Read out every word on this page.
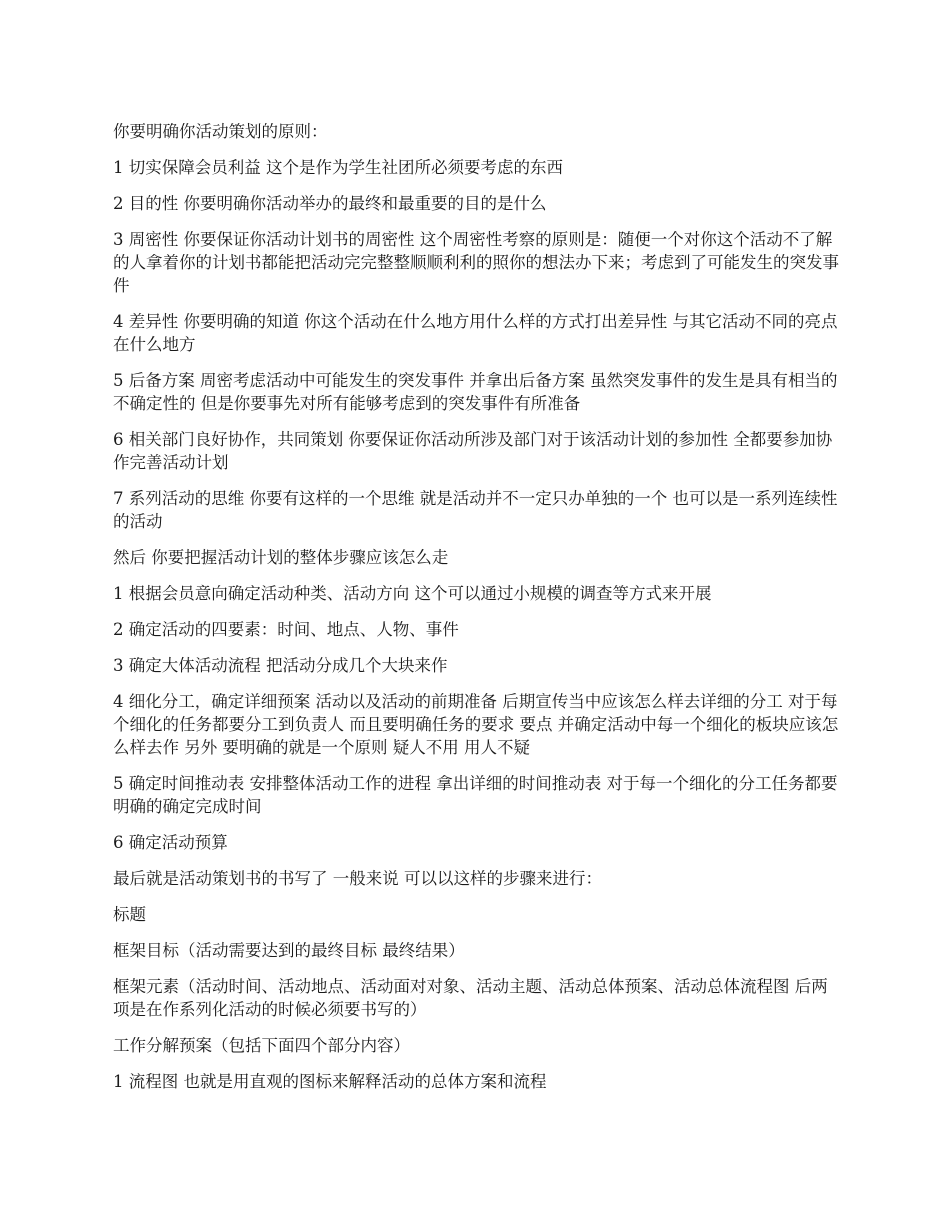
你要明确你活动策划的原则：

1 切实保障会员利益 这个是作为学生社团所必须要考虑的东西

2 目的性 你要明确你活动举办的最终和最重要的目的是什么

3 周密性 你要保证你活动计划书的周密性 这个周密性考察的原则是：随便一个对你这个活动不了解的人拿着你的计划书都能把活动完完整整顺顺利利的照你的想法办下来；考虑到了可能发生的突发事件

4 差异性 你要明确的知道 你这个活动在什么地方用什么样的方式打出差异性 与其它活动不同的亮点在什么地方

5 后备方案 周密考虑活动中可能发生的突发事件 并拿出后备方案 虽然突发事件的发生是具有相当的不确定性的 但是你要事先对所有能够考虑到的突发事件有所准备

6 相关部门良好协作，共同策划 你要保证你活动所涉及部门对于该活动计划的参加性 全都要参加协作完善活动计划

7 系列活动的思维 你要有这样的一个思维 就是活动并不一定只办单独的一个 也可以是一系列连续性的活动

然后 你要把握活动计划的整体步骤应该怎么走

1 根据会员意向确定活动种类、活动方向 这个可以通过小规模的调查等方式来开展

2 确定活动的四要素：时间、地点、人物、事件

3 确定大体活动流程 把活动分成几个大块来作

4 细化分工，确定详细预案 活动以及活动的前期准备 后期宣传当中应该怎么样去详细的分工 对于每个细化的任务都要分工到负责人 而且要明确任务的要求 要点 并确定活动中每一个细化的板块应该怎么样去作 另外 要明确的就是一个原则 疑人不用 用人不疑

5 确定时间推动表 安排整体活动工作的进程 拿出详细的时间推动表 对于每一个细化的分工任务都要明确的确定完成时间

6 确定活动预算

最后就是活动策划书的书写了 一般来说 可以以这样的步骤来进行：

标题

框架目标（活动需要达到的最终目标 最终结果）

框架元素（活动时间、活动地点、活动面对对象、活动主题、活动总体预案、活动总体流程图 后两项是在作系列化活动的时候必须要书写的）

工作分解预案（包括下面四个部分内容）

1 流程图 也就是用直观的图标来解释活动的总体方案和流程
